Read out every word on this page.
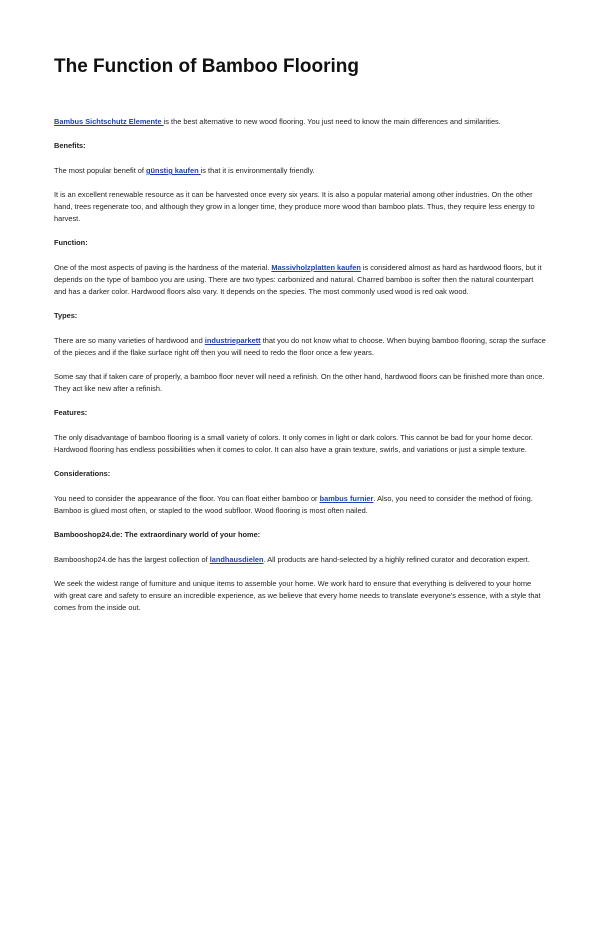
The Function of Bamboo Flooring

Bambus Sichtschutz Elemente is the best alternative to new wood flooring. You just need to know the main differences and similarities.

Benefits:

The most popular benefit of günstig kaufen is that it is environmentally friendly.

It is an excellent renewable resource as it can be harvested once every six years. It is also a popular material among other industries. On the other hand, trees regenerate too, and although they grow in a longer time, they produce more wood than bamboo plats. Thus, they require less energy to harvest.

Function:

One of the most aspects of paving is the hardness of the material. Massivholzplatten kaufen is considered almost as hard as hardwood floors, but it depends on the type of bamboo you are using. There are two types: carbonized and natural. Charred bamboo is softer then the natural counterpart and has a darker color. Hardwood floors also vary. It depends on the species. The most commonly used wood is red oak wood.

Types:

There are so many varieties of hardwood and industrieparkett that you do not know what to choose. When buying bamboo flooring, scrap the surface of the pieces and if the flake surface right off then you will need to redo the floor once a few years.

Some say that if taken care of properly, a bamboo floor never will need a refinish. On the other hand, hardwood floors can be finished more than once. They act like new after a refinish.

Features:

The only disadvantage of bamboo flooring is a small variety of colors. It only comes in light or dark colors. This cannot be bad for your home decor. Hardwood flooring has endless possibilities when it comes to color. It can also have a grain texture, swirls, and variations or just a simple texture.

Considerations:

You need to consider the appearance of the floor. You can float either bamboo or bambus furnier. Also, you need to consider the method of fixing. Bamboo is glued most often, or stapled to the wood subfloor. Wood flooring is most often nailed.

Bambooshop24.de: The extraordinary world of your home:

Bambooshop24.de has the largest collection of landhausdielen. All products are hand-selected by a highly refined curator and decoration expert.

We seek the widest range of furniture and unique items to assemble your home. We work hard to ensure that everything is delivered to your home with great care and safety to ensure an incredible experience, as we believe that every home needs to translate everyone's essence, with a style that comes from the inside out.
